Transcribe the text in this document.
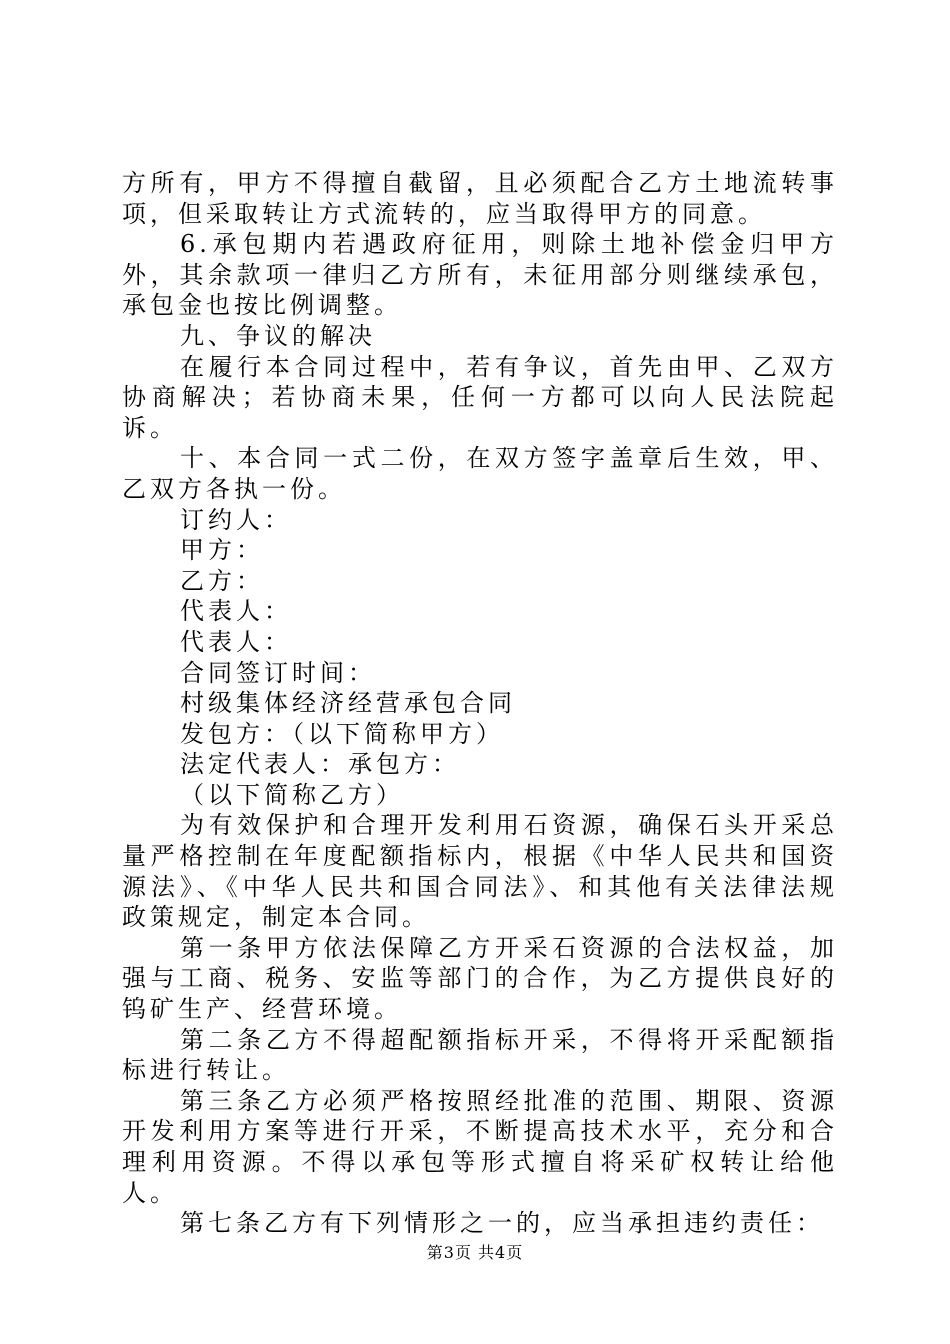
方所有，甲方不得擅自截留，且必须配合乙方土地流转事项，但采取转让方式流转的，应当取得甲方的同意。

6.承包期内若遇政府征用，则除土地补偿金归甲方外，其余款项一律归乙方所有，未征用部分则继续承包，承包金也按比例调整。

九、争议的解决

在履行本合同过程中，若有争议，首先由甲、乙双方协商解决；若协商未果，任何一方都可以向人民法院起诉。

十、本合同一式二份，在双方签字盖章后生效，甲、乙双方各执一份。

订约人：

甲方：

乙方：

代表人：

代表人：

合同签订时间：

村级集体经济经营承包合同

发包方：（以下简称甲方）

法定代表人：承包方：

（以下简称乙方）

为有效保护和合理开发利用石资源，确保石头开采总量严格控制在年度配额指标内，根据《中华人民共和国资源法》、《中华人民共和国合同法》、和其他有关法律法规政策规定，制定本合同。

第一条甲方依法保障乙方开采石资源的合法权益，加强与工商、税务、安监等部门的合作，为乙方提供良好的钨矿生产、经营环境。

第二条乙方不得超配额指标开采，不得将开采配额指标进行转让。

第三条乙方必须严格按照经批准的范围、期限、资源开发利用方案等进行开采，不断提高技术水平，充分和合理利用资源。不得以承包等形式擅自将采矿权转让给他人。

第七条乙方有下列情形之一的，应当承担违约责任：

第3页 共4页
